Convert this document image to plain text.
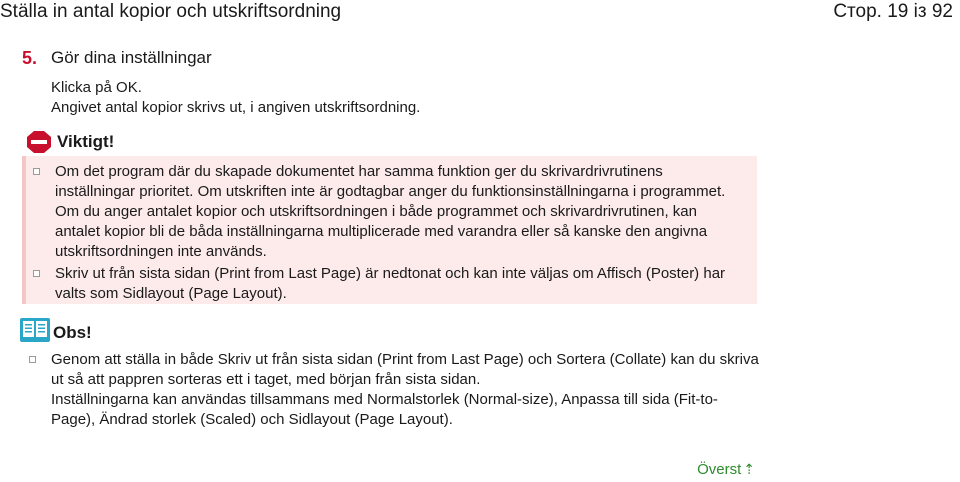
Ställa in antal kopior och utskriftsordning	Стор. 19 із 92
5. Gör dina inställningar
Klicka på OK.
Angivet antal kopior skrivs ut, i angiven utskriftsordning.
Viktigt!
Om det program där du skapade dokumentet har samma funktion ger du skrivardrivrutinens inställningar prioritet. Om utskriften inte är godtagbar anger du funktionsinställningarna i programmet. Om du anger antalet kopior och utskriftsordningen i både programmet och skrivardrivrutinen, kan antalet kopior bli de båda inställningarna multiplicerade med varandra eller så kanske den angivna utskriftsordningen inte används.
Skriv ut från sista sidan (Print from Last Page) är nedtonat och kan inte väljas om Affisch (Poster) har valts som Sidlayout (Page Layout).
Obs!
Genom att ställa in både Skriv ut från sista sidan (Print from Last Page) och Sortera (Collate) kan du skriva ut så att pappren sorteras ett i taget, med början från sista sidan.

Inställningarna kan användas tillsammans med Normalstorlek (Normal-size), Anpassa till sida (Fit-to-Page), Ändrad storlek (Scaled) och Sidlayout (Page Layout).

Överst ⇡
